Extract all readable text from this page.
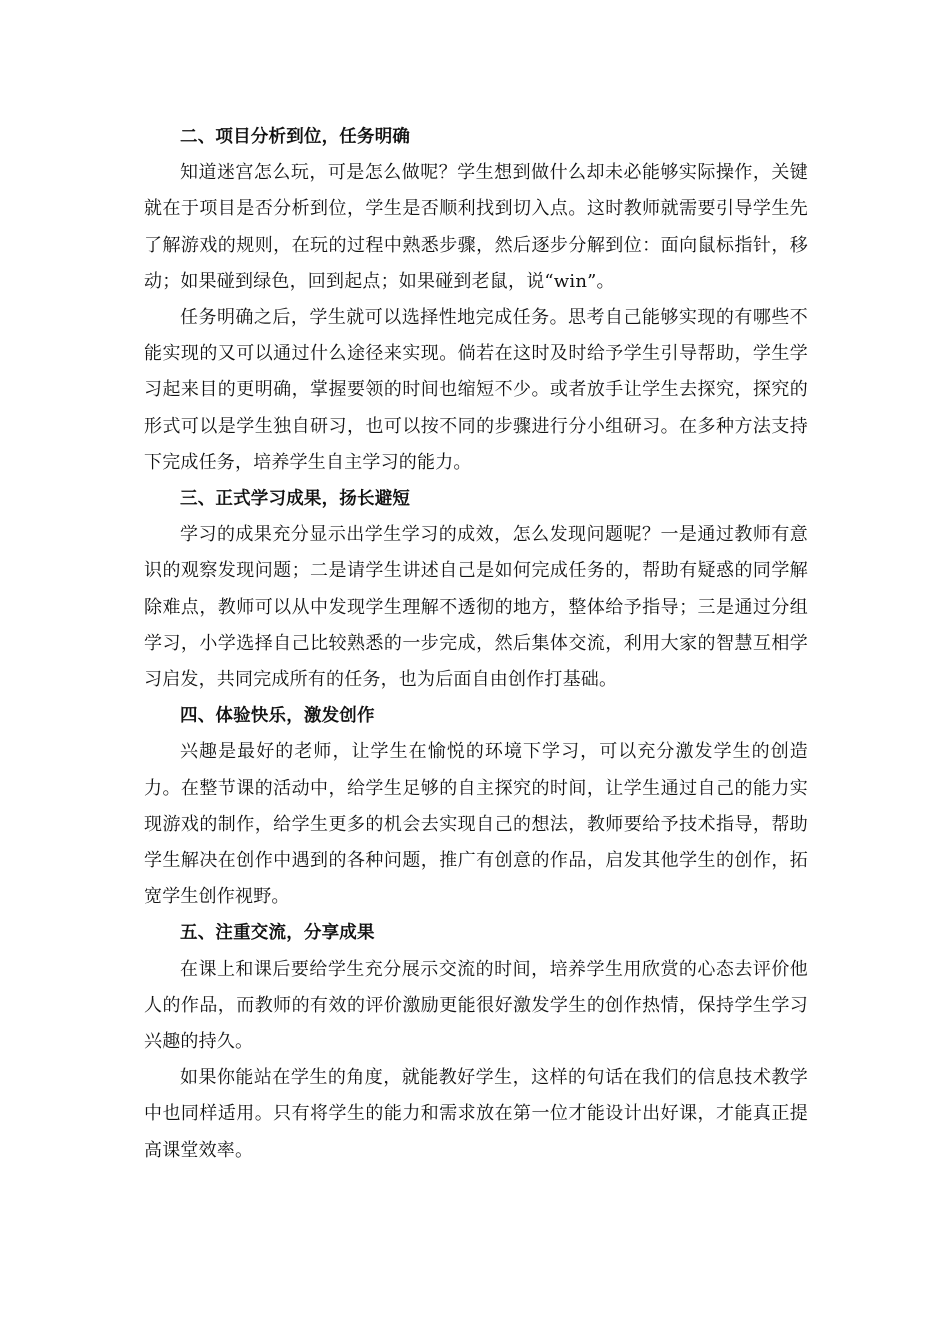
二、项目分析到位，任务明确

知道迷宫怎么玩，可是怎么做呢？学生想到做什么却未必能够实际操作，关键就在于项目是否分析到位，学生是否顺利找到切入点。这时教师就需要引导学生先了解游戏的规则，在玩的过程中熟悉步骤，然后逐步分解到位：面向鼠标指针，移动；如果碰到绿色，回到起点；如果碰到老鼠，说“win”。

任务明确之后，学生就可以选择性地完成任务。思考自己能够实现的有哪些不能实现的又可以通过什么途径来实现。倘若在这时及时给予学生引导帮助，学生学习起来目的更明确，掌握要领的时间也缩短不少。或者放手让学生去探究，探究的形式可以是学生独自研习，也可以按不同的步骤进行分小组研习。在多种方法支持下完成任务，培养学生自主学习的能力。

三、正式学习成果，扬长避短

学习的成果充分显示出学生学习的成效，怎么发现问题呢？一是通过教师有意识的观察发现问题；二是请学生讲述自己是如何完成任务的，帮助有疑惑的同学解除难点，教师可以从中发现学生理解不透彻的地方，整体给予指导；三是通过分组学习，小学选择自己比较熟悉的一步完成，然后集体交流，利用大家的智慧互相学习启发，共同完成所有的任务，也为后面自由创作打基础。

四、体验快乐，激发创作

兴趣是最好的老师，让学生在愉悦的环境下学习，可以充分激发学生的创造力。在整节课的活动中，给学生足够的自主探究的时间，让学生通过自己的能力实现游戏的制作，给学生更多的机会去实现自己的想法，教师要给予技术指导，帮助学生解决在创作中遇到的各种问题，推广有创意的作品，启发其他学生的创作，拓宽学生创作视野。

五、注重交流，分享成果

在课上和课后要给学生充分展示交流的时间，培养学生用欣赏的心态去评价他人的作品，而教师的有效的评价激励更能很好激发学生的创作热情，保持学生学习兴趣的持久。

如果你能站在学生的角度，就能教好学生，这样的句话在我们的信息技术教学中也同样适用。只有将学生的能力和需求放在第一位才能设计出好课，才能真正提高课堂效率。
